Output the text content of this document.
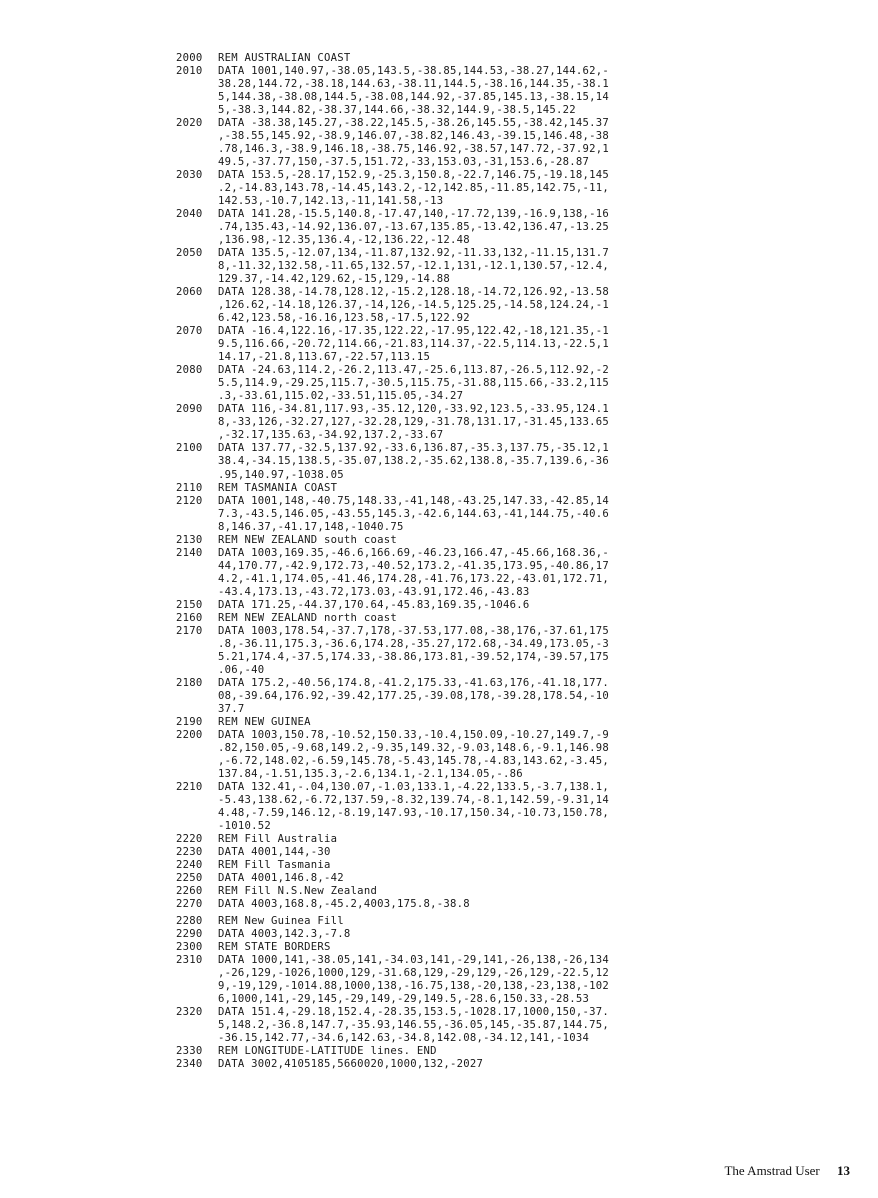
2000	REM AUSTRALIAN COAST
2010	DATA 1001,140.97,-38.05,143.5,-38.85,144.53,-38.27,144.62,-
38.28,144.72,-38.18,144.63,-38.11,144.5,-38.16,144.35,-38.1
5,144.38,-38.08,144.5,-38.08,144.92,-37.85,145.13,-38.15,14
5,-38.3,144.82,-38.37,144.66,-38.32,144.9,-38.5,145.22
2020	DATA -38.38,145.27,-38.22,145.5,-38.26,145.55,-38.42,145.37
,-38.55,145.92,-38.9,146.07,-38.82,146.43,-39.15,146.48,-38
.78,146.3,-38.9,146.18,-38.75,146.92,-38.57,147.72,-37.92,1
49.5,-37.77,150,-37.5,151.72,-33,153.03,-31,153.6,-28.87
2030	DATA 153.5,-28.17,152.9,-25.3,150.8,-22.7,146.75,-19.18,145
.2,-14.83,143.78,-14.45,143.2,-12,142.85,-11.85,142.75,-11,
142.53,-10.7,142.13,-11,141.58,-13
2040	DATA 141.28,-15.5,140.8,-17.47,140,-17.72,139,-16.9,138,-16
.74,135.43,-14.92,136.07,-13.67,135.85,-13.42,136.47,-13.25
,136.98,-12.35,136.4,-12,136.22,-12.48
2050	DATA 135.5,-12.07,134,-11.87,132.92,-11.33,132,-11.15,131.7
8,-11.32,132.58,-11.65,132.57,-12.1,131,-12.1,130.57,-12.4,
129.37,-14.42,129.62,-15,129,-14.88
2060	DATA 128.38,-14.78,128.12,-15.2,128.18,-14.72,126.92,-13.58
,126.62,-14.18,126.37,-14,126,-14.5,125.25,-14.58,124.24,-1
6.42,123.58,-16.16,123.58,-17.5,122.92
2070	DATA -16.4,122.16,-17.35,122.22,-17.95,122.42,-18,121.35,-1
9.5,116.66,-20.72,114.66,-21.83,114.37,-22.5,114.13,-22.5,1
14.17,-21.8,113.67,-22.57,113.15
2080	DATA -24.63,114.2,-26.2,113.47,-25.6,113.87,-26.5,112.92,-2
5.5,114.9,-29.25,115.7,-30.5,115.75,-31.88,115.66,-33.2,115
.3,-33.61,115.02,-33.51,115.05,-34.27
2090	DATA 116,-34.81,117.93,-35.12,120,-33.92,123.5,-33.95,124.1
8,-33,126,-32.27,127,-32.28,129,-31.78,131.17,-31.45,133.65
,-32.17,135.63,-34.92,137.2,-33.67
2100	DATA 137.77,-32.5,137.92,-33.6,136.87,-35.3,137.75,-35.12,1
38.4,-34.15,138.5,-35.07,138.2,-35.62,138.8,-35.7,139.6,-36
.95,140.97,-1038.05
2110	REM TASMANIA COAST
2120	DATA 1001,148,-40.75,148.33,-41,148,-43.25,147.33,-42.85,14
7.3,-43.5,146.05,-43.55,145.3,-42.6,144.63,-41,144.75,-40.6
8,146.37,-41.17,148,-1040.75
2130	REM NEW ZEALAND south coast
2140	DATA 1003,169.35,-46.6,166.69,-46.23,166.47,-45.66,168.36,-
44,170.77,-42.9,172.73,-40.52,173.2,-41.35,173.95,-40.86,17
4.2,-41.1,174.05,-41.46,174.28,-41.76,173.22,-43.01,172.71,
-43.4,173.13,-43.72,173.03,-43.91,172.46,-43.83
2150	DATA 171.25,-44.37,170.64,-45.83,169.35,-1046.6
2160	REM NEW ZEALAND north coast
2170	DATA 1003,178.54,-37.7,178,-37.53,177.08,-38,176,-37.61,175
.8,-36.11,175.3,-36.6,174.28,-35.27,172.68,-34.49,173.05,-3
5.21,174.4,-37.5,174.33,-38.86,173.81,-39.52,174,-39.57,175
.06,-40
2180	DATA 175.2,-40.56,174.8,-41.2,175.33,-41.63,176,-41.18,177.
08,-39.64,176.92,-39.42,177.25,-39.08,178,-39.28,178.54,-10
37.7
2190	REM NEW GUINEA
2200	DATA 1003,150.78,-10.52,150.33,-10.4,150.09,-10.27,149.7,-9
.82,150.05,-9.68,149.2,-9.35,149.32,-9.03,148.6,-9.1,146.98
,-6.72,148.02,-6.59,145.78,-5.43,145.78,-4.83,143.62,-3.45,
137.84,-1.51,135.3,-2.6,134.1,-2.1,134.05,-.86
2210	DATA 132.41,-.04,130.07,-1.03,133.1,-4.22,133.5,-3.7,138.1,
-5.43,138.62,-6.72,137.59,-8.32,139.74,-8.1,142.59,-9.31,14
4.48,-7.59,146.12,-8.19,147.93,-10.17,150.34,-10.73,150.78,
-1010.52
2220	REM Fill Australia
2230	DATA 4001,144,-30
2240	REM Fill Tasmania
2250	DATA 4001,146.8,-42
2260	REM Fill N.S.New Zealand
2270	DATA 4003,168.8,-45.2,4003,175.8,-38.8
2280	REM New Guinea Fill
2290	DATA 4003,142.3,-7.8
2300	REM STATE BORDERS
2310	DATA 1000,141,-38.05,141,-34.03,141,-29,141,-26,138,-26,134
,-26,129,-1026,1000,129,-31.68,129,-29,129,-26,129,-22.5,12
9,-19,129,-1014.88,1000,138,-16.75,138,-20,138,-23,138,-102
6,1000,141,-29,145,-29,149,-29,149.5,-28.6,150.33,-28.53
2320	DATA 151.4,-29.18,152.4,-28.35,153.5,-1028.17,1000,150,-37.
5,148.2,-36.8,147.7,-35.93,146.55,-36.05,145,-35.87,144.75,
-36.15,142.77,-34.6,142.63,-34.8,142.08,-34.12,141,-1034
2330	REM LONGITUDE-LATITUDE lines. END
2340	DATA 3002,4105185,5660020,1000,132,-2027
The Amstrad User 13
